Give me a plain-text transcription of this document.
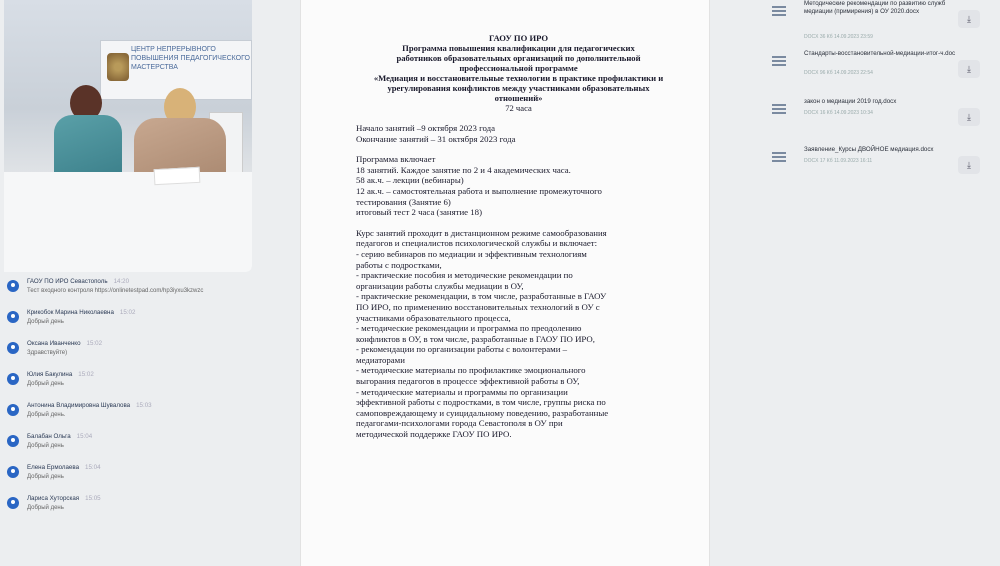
ЦЕНТР НЕПРЕРЫВНОГО ПОВЫШЕНИЯ ПЕДАГОГИЧЕСКОГО МАСТЕРСТВА
ГАОУ ПО ИРО Севастополь 14:20
Тест входного контроля https://onlinetestpad.com/hp3iyxu3kzwzc
Крикобок Марина Николаевна 15:02
Добрый день
Оксана Иванченко 15:02
Здравствуйте)
Юлия Бакулина 15:02
Добрый день
Антонина Владимировна Шувалова 15:03
Добрый день.
Балабан Ольга 15:04
Добрый день
Елена Ермолаева 15:04
Добрый день
Лариса Хуторская 15:05
Добрый день
ГАОУ ПО ИРО
Программа повышения квалификации для педагогических
работников образовательных организаций по дополнительной
профессиональной программе
«Медиация и восстановительные технологии в практике профилактики и
урегулирования конфликтов между участниками образовательных
отношений»
72 часа
Начало занятий –9 октября 2023 года
Окончание занятий – 31 октября 2023 года
Программа включает
18 занятий. Каждое занятие по 2 и 4 академических часа.
58 ак.ч. – лекции (вебинары)
12 ак.ч. – самостоятельная работа и выполнение промежуточного
тестирования (Занятие 6)
итоговый тест 2 часа (занятие 18)
Курс занятий проходит в дистанционном режиме самообразования
педагогов и специалистов психологической службы и включает:
- серию вебинаров по медиации и эффективным технологиям
работы с подростками,
- практические пособия и методические рекомендации по
организации работы службы медиации в ОУ,
- практические рекомендации, в том числе, разработанные в ГАОУ
ПО ИРО, по применению восстановительных технологий в ОУ с
участниками образовательного процесса,
- методические рекомендации и программа по преодолению
конфликтов в ОУ, в том числе, разработанные в ГАОУ ПО ИРО,
- рекомендации по организации работы с волонтерами –
медиаторами
- методические материалы по профилактике эмоционального
выгорания педагогов в процессе эффективной работы в ОУ,
- методические материалы и программы по организации
эффективной работы с подростками, в том числе, группы риска по
самоповреждающему и суицидальному поведению, разработанные
педагогами-психологами города Севастополя в ОУ при
методической поддержке ГАОУ ПО ИРО.
Методические рекомендации по развитию служб медиации (примирения) в ОУ 2020.docx
DOCX 36 Кб 14.09.2023 23:59
⤓
Стандарты-восстановительной-медиации-итог-ч.doc
DOCX 96 Кб 14.09.2023 22:54	⤓
закон о медиации 2019 год.docx
DOCX 16 Кб 14.09.2023 10:34	⤓
Заявление_Курсы ДВОЙНОЕ медиация.docx
DOCX 17 Кб 11.09.2023 16:11	⤓
